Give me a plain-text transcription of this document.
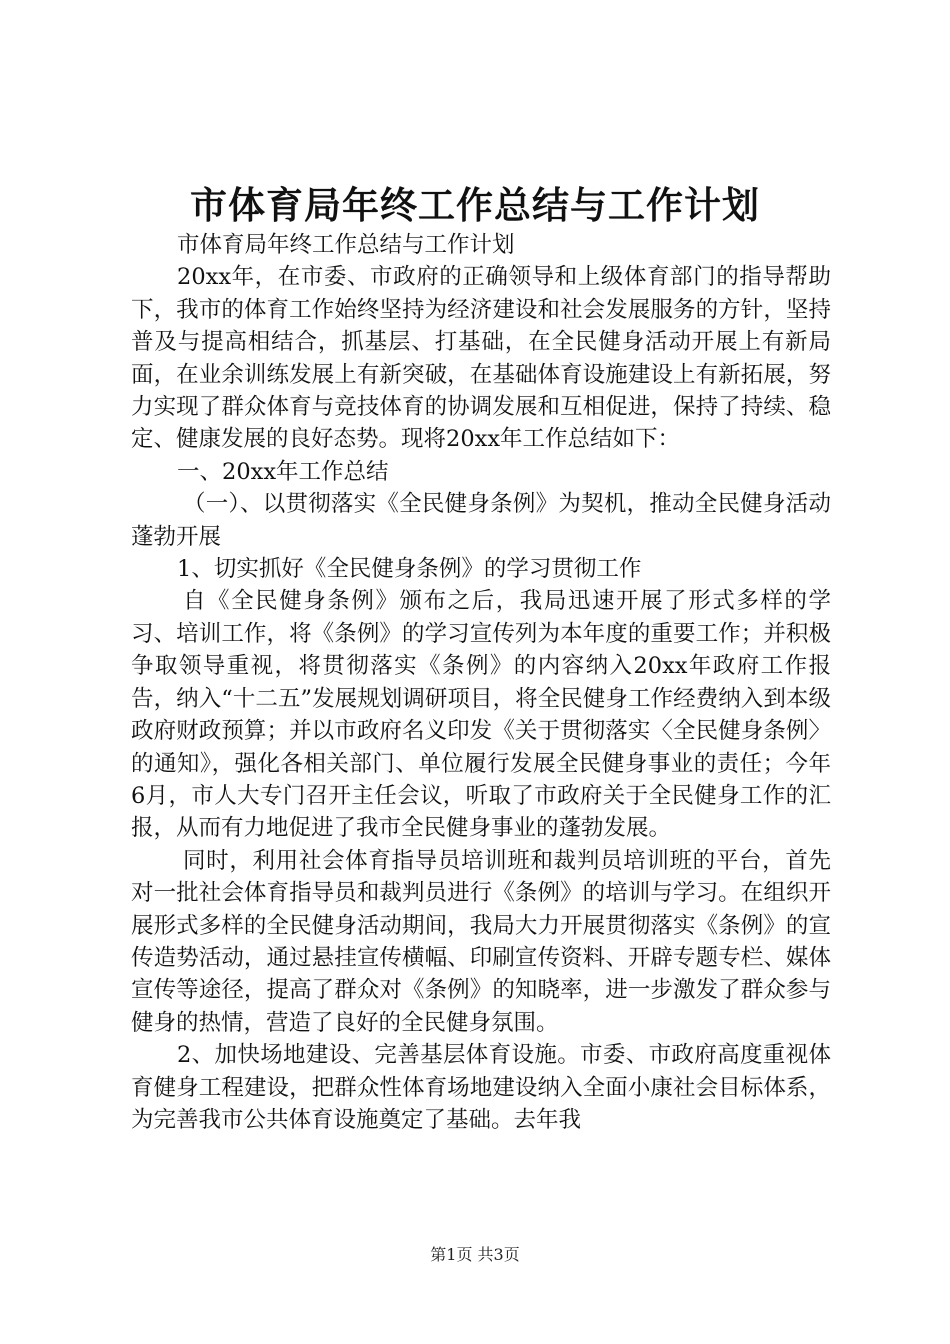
市体育局年终工作总结与工作计划

市体育局年终工作总结与工作计划

20xx年，在市委、市政府的正确领导和上级体育部门的指导帮助下，我市的体育工作始终坚持为经济建设和社会发展服务的方针，坚持普及与提高相结合，抓基层、打基础，在全民健身活动开展上有新局面，在业余训练发展上有新突破，在基础体育设施建设上有新拓展，努力实现了群众体育与竞技体育的协调发展和互相促进，保持了持续、稳定、健康发展的良好态势。现将20xx年工作总结如下：

一、20xx年工作总结

（一）、以贯彻落实《全民健身条例》为契机，推动全民健身活动蓬勃开展

1、切实抓好《全民健身条例》的学习贯彻工作

自《全民健身条例》颁布之后，我局迅速开展了形式多样的学习、培训工作，将《条例》的学习宣传列为本年度的重要工作；并积极争取领导重视，将贯彻落实《条例》的内容纳入20xx年政府工作报告，纳入“十二五”发展规划调研项目，将全民健身工作经费纳入到本级政府财政预算；并以市政府名义印发《关于贯彻落实〈全民健身条例〉的通知》，强化各相关部门、单位履行发展全民健身事业的责任；今年6月，市人大专门召开主任会议，听取了市政府关于全民健身工作的汇报，从而有力地促进了我市全民健身事业的蓬勃发展。

同时，利用社会体育指导员培训班和裁判员培训班的平台，首先对一批社会体育指导员和裁判员进行《条例》的培训与学习。在组织开展形式多样的全民健身活动期间，我局大力开展贯彻落实《条例》的宣传造势活动，通过悬挂宣传横幅、印刷宣传资料、开辟专题专栏、媒体宣传等途径，提高了群众对《条例》的知晓率，进一步激发了群众参与健身的热情，营造了良好的全民健身氛围。

2、加快场地建设、完善基层体育设施。市委、市政府高度重视体育健身工程建设，把群众性体育场地建设纳入全面小康社会目标体系，为完善我市公共体育设施奠定了基础。去年我

第1页 共3页
